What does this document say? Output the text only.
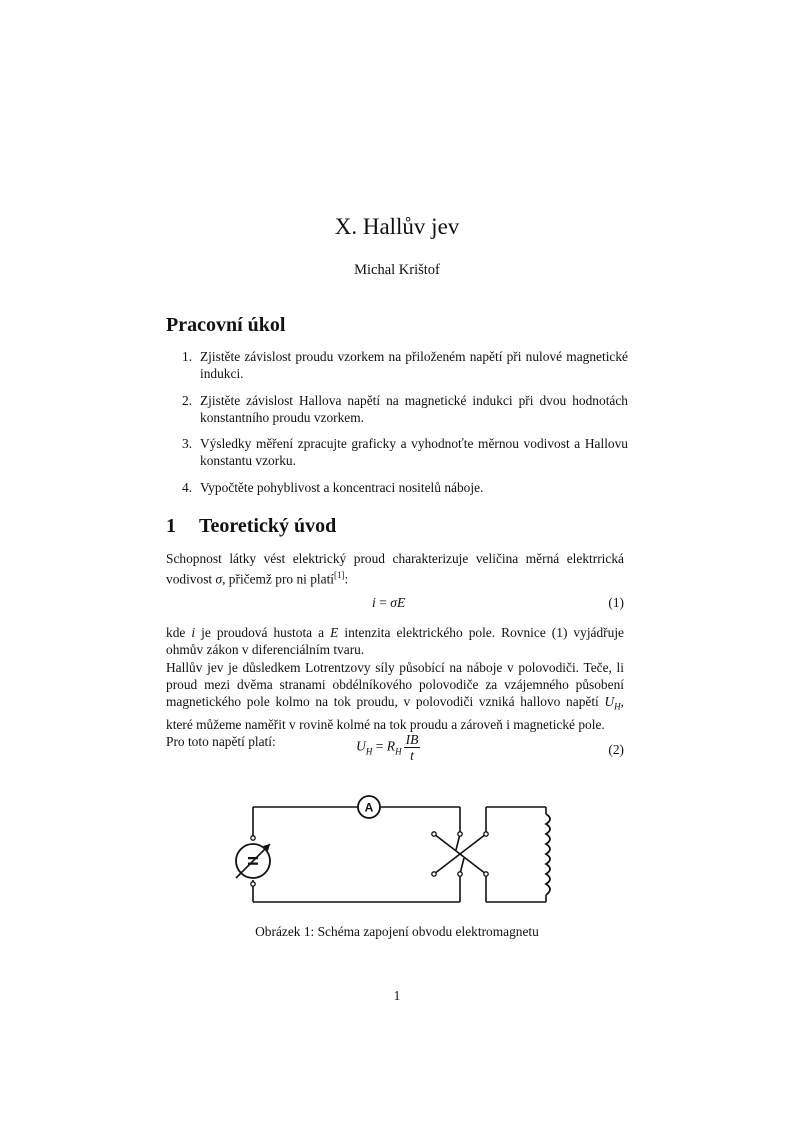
X. Hallův jev
Michal Krištof
Pracovní úkol
1. Zjistěte závislost proudu vzorkem na přiloženém napětí při nulové magnetické indukci.
2. Zjistěte závislost Hallova napětí na magnetické indukci při dvou hodnotách konstantního proudu vzorkem.
3. Výsledky měření zpracujte graficky a vyhodnoťte měrnou vodivost a Hallovu konstantu vzorku.
4. Vypočtěte pohyblivost a koncentraci nositelů náboje.
1 Teoretický úvod

Schopnost látky vést elektrický proud charakterizuje veličina měrná elektrrická vodivost σ, přičemž pro ni platí[1]:

i = σE	(1)

kde i je proudová hustota a E intenzita elektrického pole. Rovnice (1) vyjádřuje ohmův zákon v diferenciálním tvaru.

Hallův jev je důsledkem Lotrentzovy síly působící na náboje v polovodiči. Teče, li proud mezi dvěma stranami obdélníkového polovodiče za vzájemného působení magnetického pole kolmo na tok proudu, v polovodiči vzniká hallovo napětí $U_H$, které můžeme naměřit v rovině kolmé na tok proudu a zároveň i magnetické pole.

Pro toto napětí platí:	$U_H = R_H \frac{IB}{t}$	(2)
A
=
Obrázek 1: Schéma zapojení obvodu elektromagnetu
1
